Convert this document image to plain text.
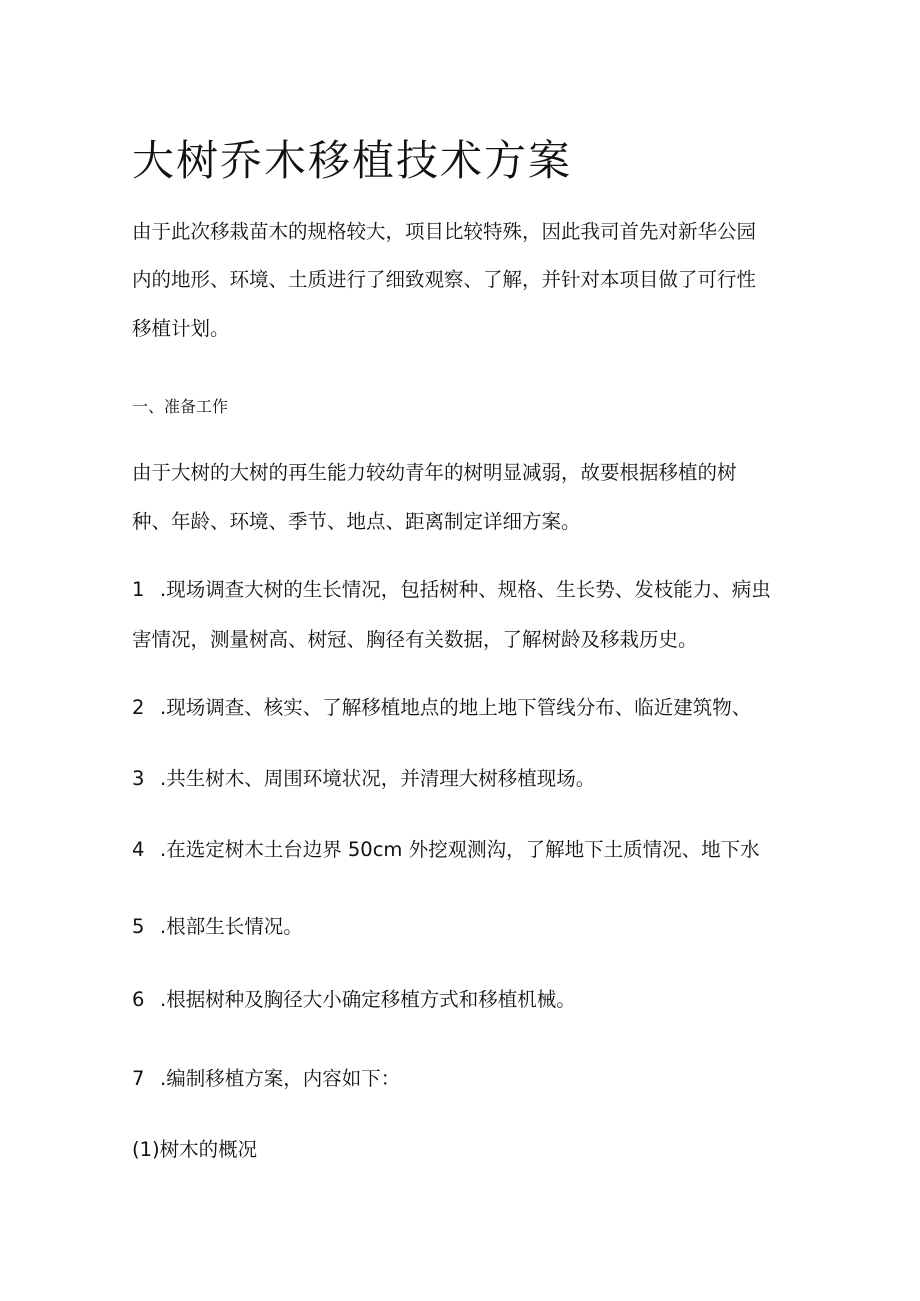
大树乔木移植技术方案

由于此次移栽苗木的规格较大，项目比较特殊，因此我司首先对新华公园

内的地形、环境、土质进行了细致观察、了解，并针对本项目做了可行性

移植计划。

一、准备工作

由于大树的大树的再生能力较幼青年的树明显减弱，故要根据移植的树

种、年龄、环境、季节、地点、距离制定详细方案。

1 .现场调查大树的生长情况，包括树种、规格、生长势、发枝能力、病虫

害情况，测量树高、树冠、胸径有关数据，了解树龄及移栽历史。

2 .现场调查、核实、了解移植地点的地上地下管线分布、临近建筑物、

3 .共生树木、周围环境状况，并清理大树移植现场。

4 .在选定树木土台边界 50cm 外挖观测沟，了解地下土质情况、地下水

5 .根部生长情况。

6 .根据树种及胸径大小确定移植方式和移植机械。

7 .编制移植方案，内容如下：

(1)树木的概况
